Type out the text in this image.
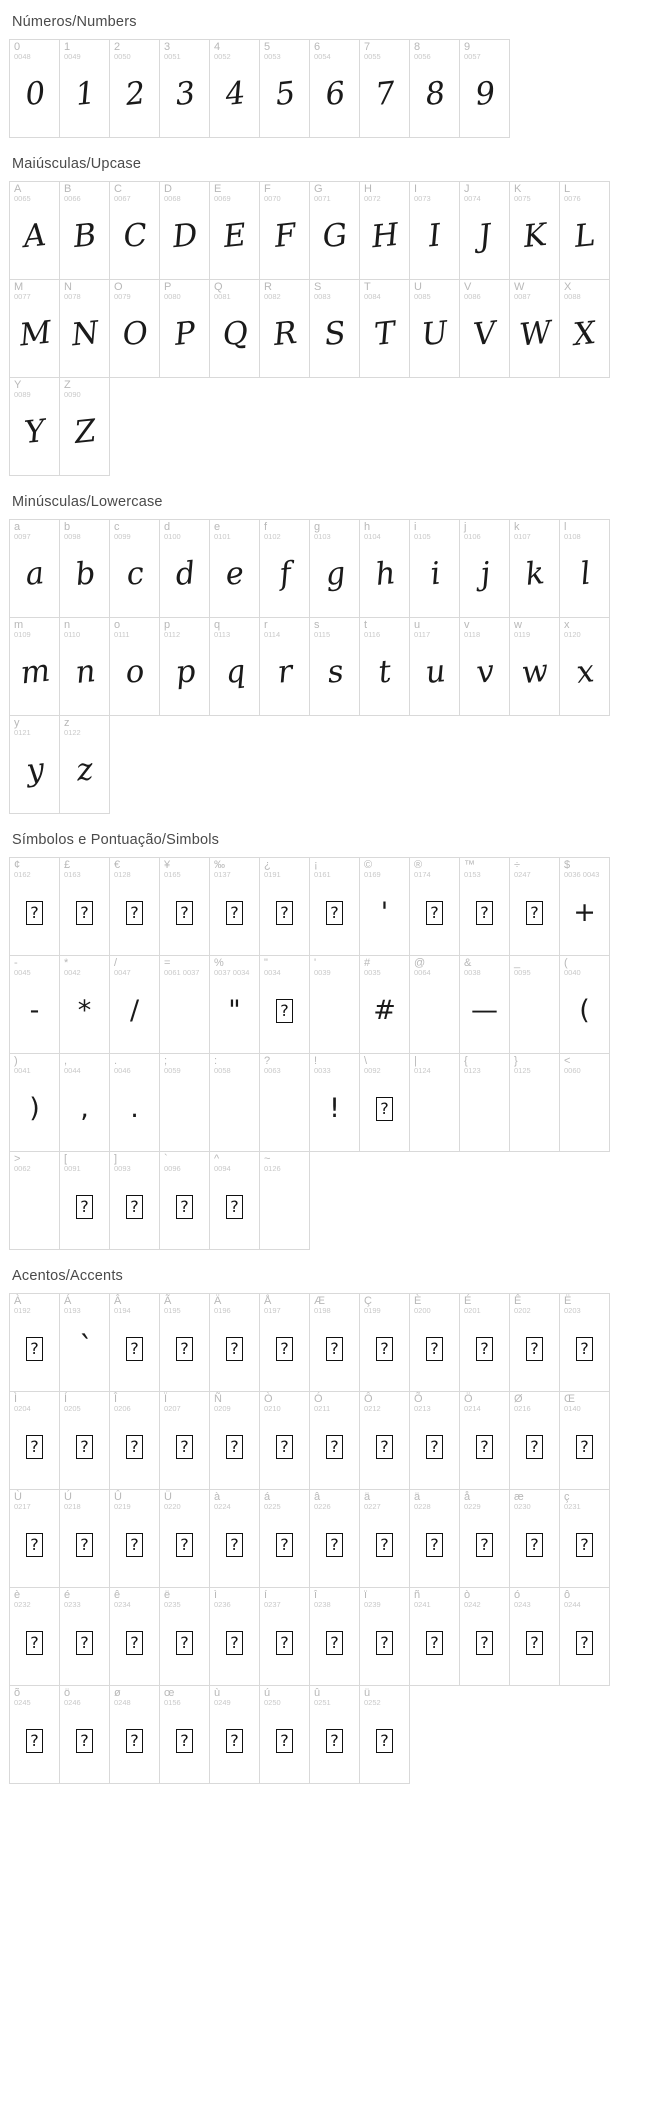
Números/Numbers
0
0048
0
1
0049
1
2
0050
2
3
0051
3
4
0052
4
5
0053
5
6
0054
6
7
0055
7
8
0056
8
9
0057
9
Maiúsculas/Upcase
A
0065
A
B
0066
B
C
0067
C
D
0068
D
E
0069
E
F
0070
F
G
0071
G
H
0072
H
I
0073
I
J
0074
J
K
0075
K
L
0076
L
M
0077
M
N
0078
N
O
0079
O
P
0080
P
Q
0081
Q
R
0082
R
S
0083
S
T
0084
T
U
0085
U
V
0086
V
W
0087
W
X
0088
X
Y
0089
Y
Z
0090
Z
Minúsculas/Lowercase
a
0097
a
b
0098
b
c
0099
c
d
0100
d
e
0101
e
f
0102
f
g
0103
g
h
0104
h
i
0105
i
j
0106
j
k
0107
k
l
0108
l
m
0109
m
n
0110
n
o
0111
o
p
0112
p
q
0113
q
r
0114
r
s
0115
s
t
0116
t
u
0117
u
v
0118
v
w
0119
w
x
0120
x
y
0121
y
z
0122
z
Símbolos e Pontuação/Simbols
¢
0162
?
£
0163
?
€
0128
?
¥
0165
?
‰
0137
?
¿
0191
?
¡
0161
?
©
0169
'
®
0174
?
™
0153
?
÷
0247
?
$
0036 0043
+
-
0045
-
*
0042
*
/
0047
/
=
0061 0037
%
0037 0034
"
"
0034
?
'
0039
#
0035
#
@
0064
&
0038
—
_
0095
(
0040
(
)
0041
)
,
0044
,
.
0046
.
;
0059
:
0058
?
0063
!
0033
!
\
0092
?
|
0124
{
0123
}
0125
<
0060
>
0062
[
0091
?
]
0093
?
`
0096
?
^
0094
?
~
0126
Acentos/Accents
À
0192
?
Á
0193
`
Â
0194
?
Ã
0195
?
Ä
0196
?
Å
0197
?
Æ
0198
?
Ç
0199
?
È
0200
?
É
0201
?
Ê
0202
?
Ë
0203
?
Ì
0204
?
Í
0205
?
Î
0206
?
Ï
0207
?
Ñ
0209
?
Ò
0210
?
Ó
0211
?
Ô
0212
?
Õ
0213
?
Ö
0214
?
Ø
0216
?
Œ
0140
?
Ù
0217
?
Ú
0218
?
Û
0219
?
Ü
0220
?
à
0224
?
á
0225
?
â
0226
?
ä
0227
?
ä
0228
?
å
0229
?
æ
0230
?
ç
0231
?
è
0232
?
é
0233
?
ê
0234
?
ë
0235
?
ì
0236
?
í
0237
?
î
0238
?
ï
0239
?
ñ
0241
?
ò
0242
?
ó
0243
?
ô
0244
?
õ
0245
?
ö
0246
?
ø
0248
?
œ
0156
?
ù
0249
?
ú
0250
?
û
0251
?
ü
0252
?
